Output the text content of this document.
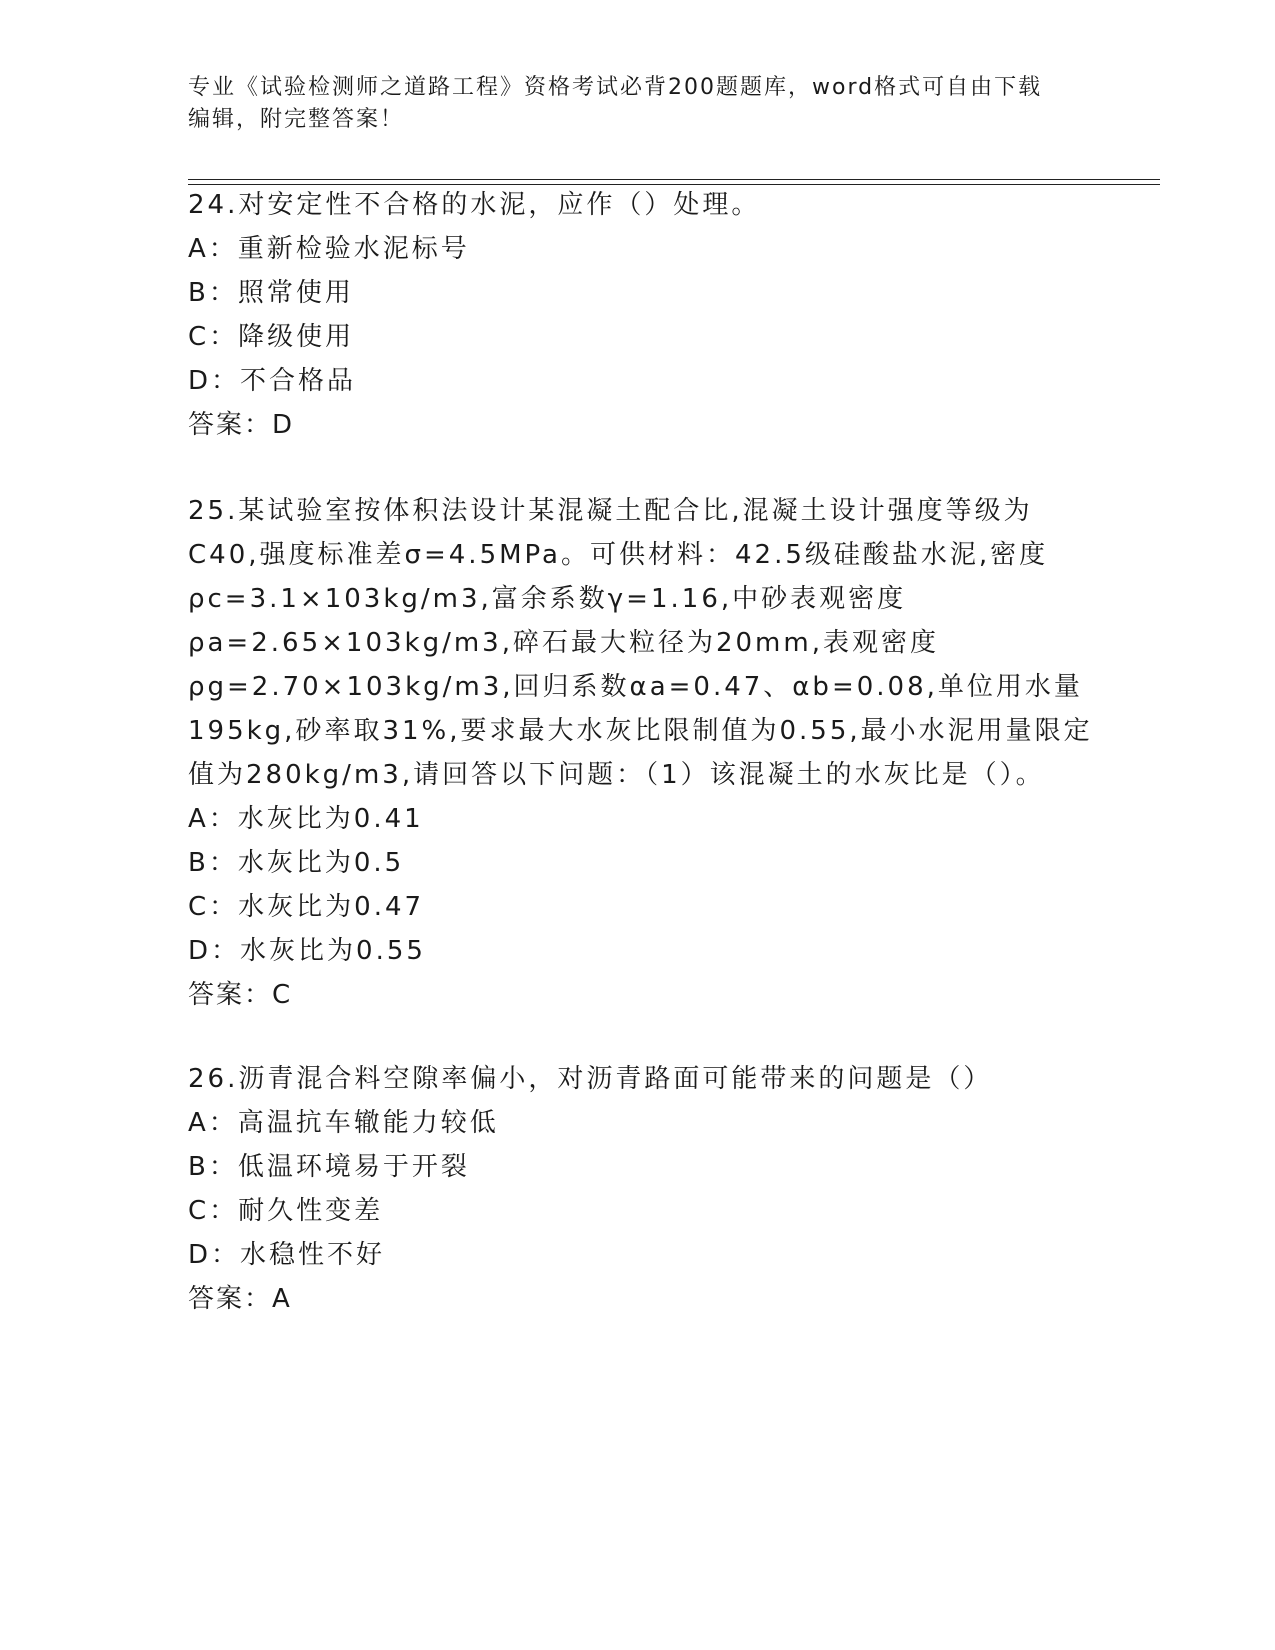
专业《试验检测师之道路工程》资格考试必背200题题库，word格式可自由下载
编辑，附完整答案！
24.对安定性不合格的水泥，应作（）处理。
A：重新检验水泥标号
B：照常使用
C：降级使用
D：不合格品
答案：D
25.某试验室按体积法设计某混凝土配合比,混凝土设计强度等级为
C40,强度标准差σ=4.5MPa。可供材料：42.5级硅酸盐水泥,密度
ρc=3.1×103kg/m3,富余系数γ=1.16,中砂表观密度
ρa=2.65×103kg/m3,碎石最大粒径为20mm,表观密度
ρg=2.70×103kg/m3,回归系数αa=0.47、αb=0.08,单位用水量
195kg,砂率取31%,要求最大水灰比限制值为0.55,最小水泥用量限定
值为280kg/m3,请回答以下问题：（1）该混凝土的水灰比是（）。
A：水灰比为0.41
B：水灰比为0.5
C：水灰比为0.47
D：水灰比为0.55
答案：C
26.沥青混合料空隙率偏小，对沥青路面可能带来的问题是（）
A：高温抗车辙能力较低
B：低温环境易于开裂
C：耐久性变差
D：水稳性不好
答案：A
